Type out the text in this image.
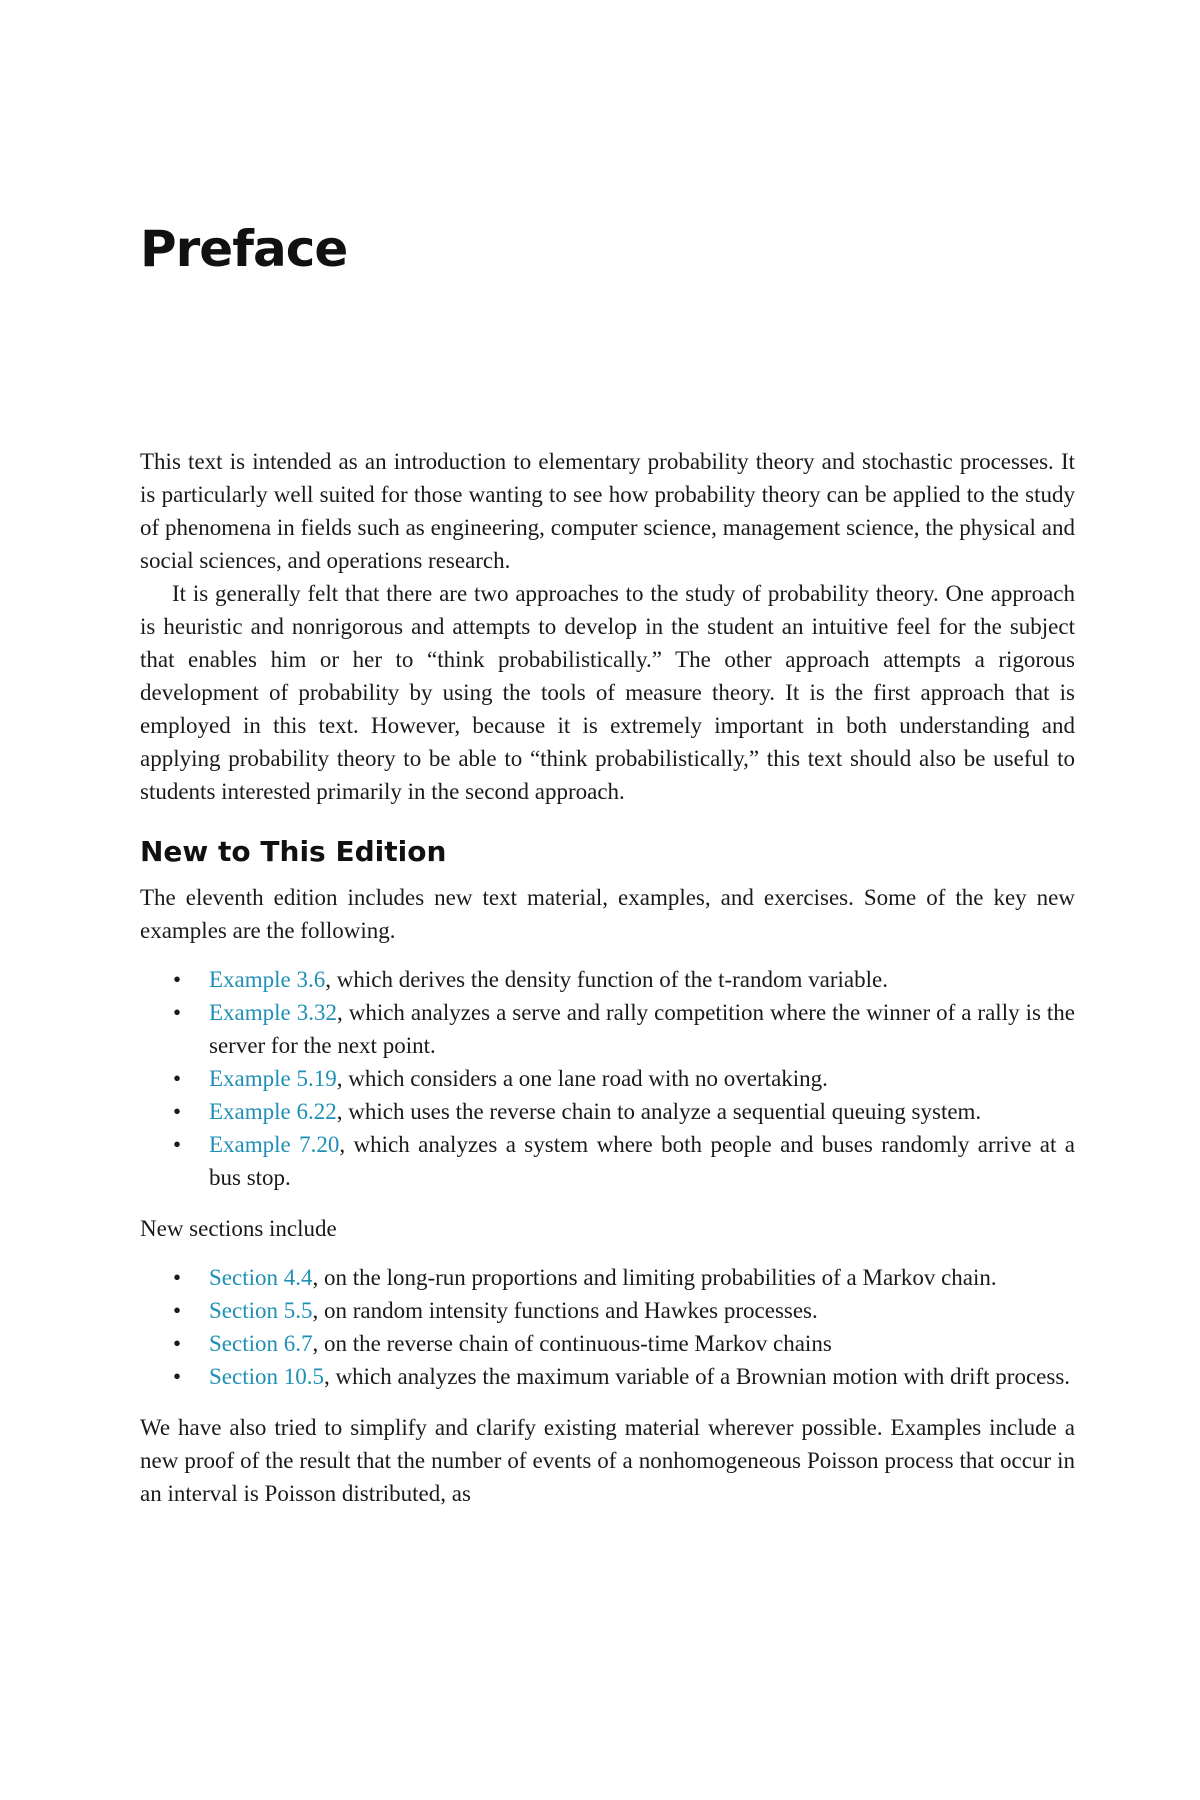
Preface

This text is intended as an introduction to elementary probability theory and stochastic processes. It is particularly well suited for those wanting to see how probability theory can be applied to the study of phenomena in fields such as engineering, computer science, management science, the physical and social sciences, and operations research.

It is generally felt that there are two approaches to the study of probability theory. One approach is heuristic and nonrigorous and attempts to develop in the student an intuitive feel for the subject that enables him or her to “think probabilistically.” The other approach attempts a rigorous development of probability by using the tools of measure theory. It is the first approach that is employed in this text. However, because it is extremely important in both understanding and applying probability theory to be able to “think probabilistically,” this text should also be useful to students interested primarily in the second approach.

New to This Edition

The eleventh edition includes new text material, examples, and exercises. Some of the key new examples are the following.

• Example 3.6, which derives the density function of the t-random variable.
• Example 3.32, which analyzes a serve and rally competition where the winner of a rally is the server for the next point.
• Example 5.19, which considers a one lane road with no overtaking.
• Example 6.22, which uses the reverse chain to analyze a sequential queuing system.
• Example 7.20, which analyzes a system where both people and buses randomly arrive at a bus stop.

New sections include

• Section 4.4, on the long-run proportions and limiting probabilities of a Markov chain.
• Section 5.5, on random intensity functions and Hawkes processes.
• Section 6.7, on the reverse chain of continuous-time Markov chains
• Section 10.5, which analyzes the maximum variable of a Brownian motion with drift process.

We have also tried to simplify and clarify existing material wherever possible. Examples include a new proof of the result that the number of events of a nonhomogeneous Poisson process that occur in an interval is Poisson distributed, as
